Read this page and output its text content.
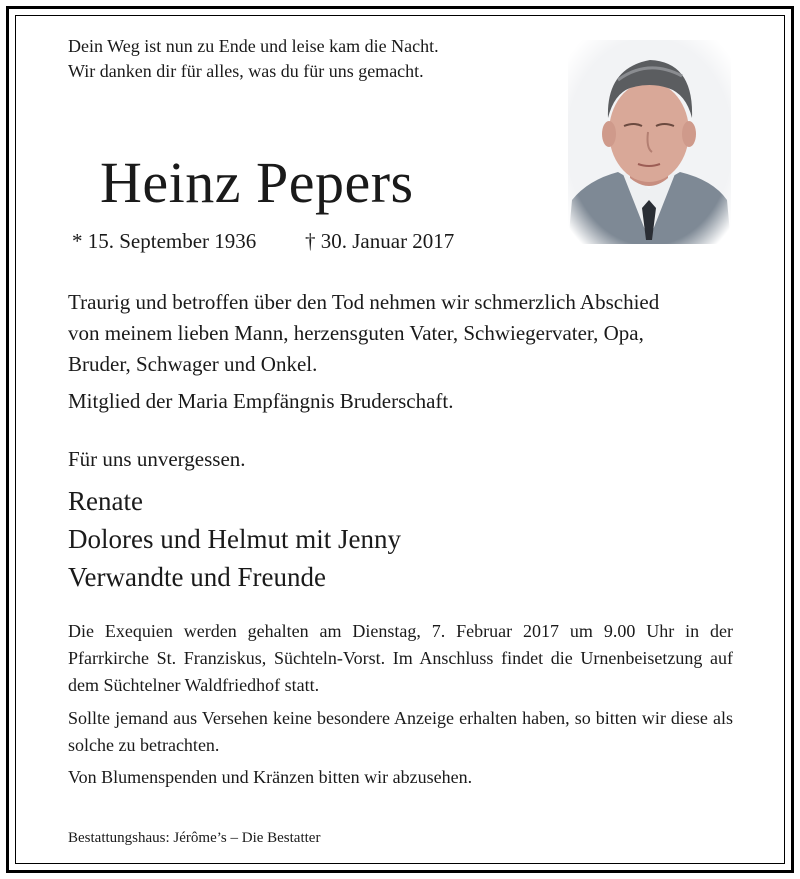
Dein Weg ist nun zu Ende und leise kam die Nacht.
Wir danken dir für alles, was du für uns gemacht.

Heinz Pepers
* 15. September 1936 † 30. Januar 2017

Traurig und betroffen über den Tod nehmen wir schmerzlich Abschied
von meinem lieben Mann, herzensguten Vater, Schwiegervater, Opa,
Bruder, Schwager und Onkel.

Mitglied der Maria Empfängnis Bruderschaft.

Für uns unvergessen.

Renate
Dolores und Helmut mit Jenny
Verwandte und Freunde

Die Exequien werden gehalten am Dienstag, 7. Februar 2017 um 9.00 Uhr in der Pfarrkirche St. Franziskus, Süchteln-Vorst. Im Anschluss findet die Urnenbeisetzung auf dem Süchtelner Waldfriedhof statt.

Sollte jemand aus Versehen keine besondere Anzeige erhalten haben, so bitten wir diese als solche zu betrachten.

Von Blumenspenden und Kränzen bitten wir abzusehen.

Bestattungshaus: Jérôme’s – Die Bestatter
